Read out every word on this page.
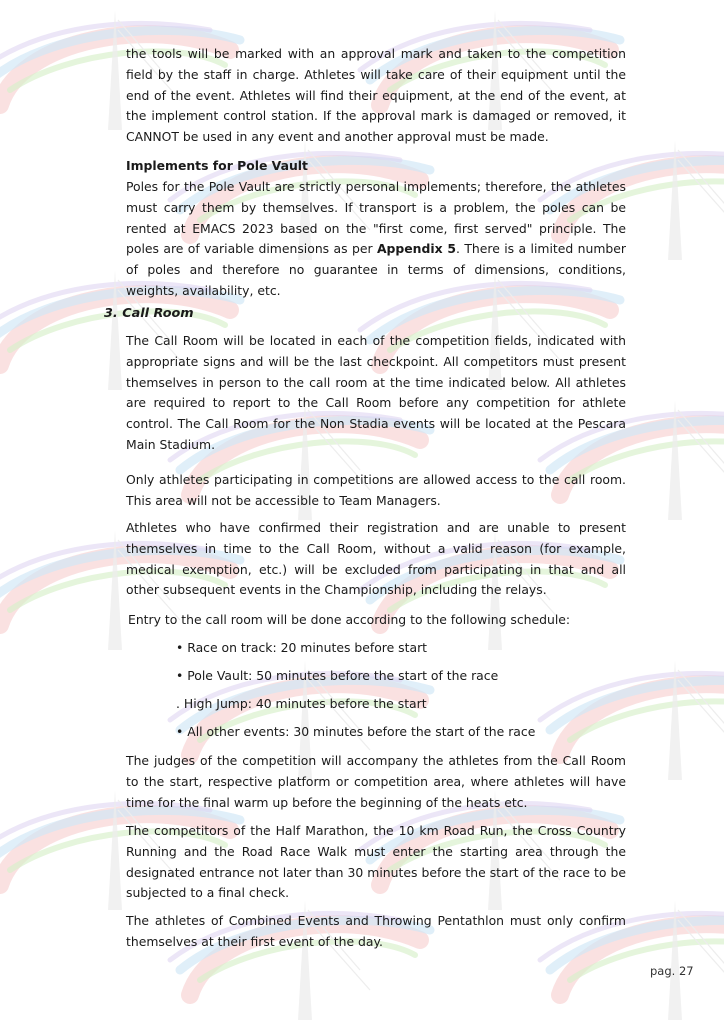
the tools will be marked with an approval mark and taken to the competition field by the staff in charge. Athletes will take care of their equipment until the end of the event. Athletes will find their equipment, at the end of the event, at the implement control station. If the approval mark is damaged or removed, it CANNOT be used in any event and another approval must be made.

Implements for Pole Vault

Poles for the Pole Vault are strictly personal implements; therefore, the athletes must carry them by themselves. If transport is a problem, the poles can be rented at EMACS 2023 based on the "first come, first served" principle. The poles are of variable dimensions as per Appendix 5. There is a limited number of poles and therefore no guarantee in terms of dimensions, conditions, weights, availability, etc.

3. Call Room

The Call Room will be located in each of the competition fields, indicated with appropriate signs and will be the last checkpoint. All competitors must present themselves in person to the call room at the time indicated below. All athletes are required to report to the Call Room before any competition for athlete control. The Call Room for the Non Stadia events will be located at the Pescara Main Stadium.

Only athletes participating in competitions are allowed access to the call room. This area will not be accessible to Team Managers.

Athletes who have confirmed their registration and are unable to present themselves in time to the Call Room, without a valid reason (for example, medical exemption, etc.) will be excluded from participating in that and all other subsequent events in the Championship, including the relays.

Entry to the call room will be done according to the following schedule:

• Race on track: 20 minutes before start

• Pole Vault: 50 minutes before the start of the race

. High Jump: 40 minutes before the start

• All other events: 30 minutes before the start of the race

The judges of the competition will accompany the athletes from the Call Room to the start, respective platform or competition area, where athletes will have time for the final warm up before the beginning of the heats etc.

The competitors of the Half Marathon, the 10 km Road Run, the Cross Country Running and the Road Race Walk must enter the starting area through the designated entrance not later than 30 minutes before the start of the race to be subjected to a final check.

The athletes of Combined Events and Throwing Pentathlon must only confirm themselves at their first event of the day.

pag. 27
